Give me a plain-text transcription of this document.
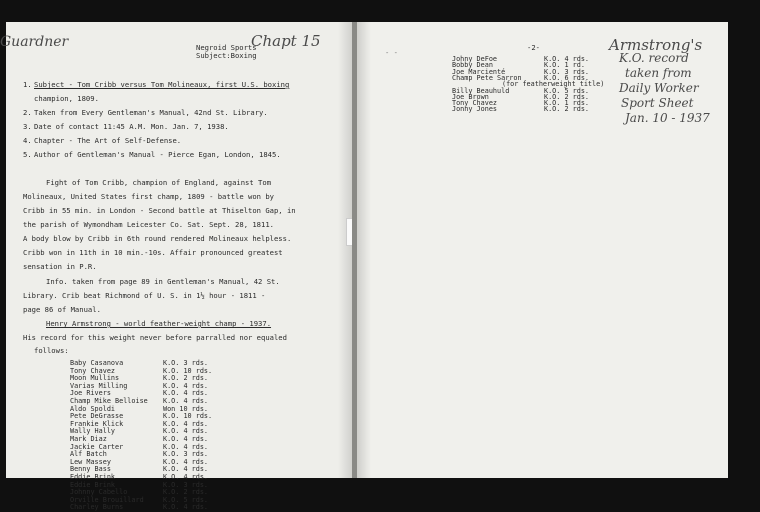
Guardner	Negroid Sports
Subject:Boxing
Chapt 15
1. Subject - Tom Cribb versus Tom Molineaux, first U.S. boxing
champion, 1809.
2. Taken from Every Gentleman's Manual, 42nd St. Library.
3. Date of contact 11:45 A.M. Mon. Jan. 7, 1938.
4. Chapter - The Art of Self-Defense.
5. Author of Gentleman's Manual - Pierce Egan, London, 1845.
Fight of Tom Cribb, champion of England, against Tom
Molineaux, United States first champ, 1809 - battle won by
Cribb in 55 min. in London - Second battle at Thiselton Gap, in
the parish of Wymondham Leicester Co. Sat. Sept. 28, 1811.
A body blow by Cribb in 6th round rendered Molineaux helpless.
Cribb won in 11th in 10 min.-10s. Affair pronounced greatest
sensation in P.R.
Info. taken from page 89 in Gentleman's Manual, 42 St.
Library. Crib beat Richmond of U. S. in 1½ hour - 1811 -
page 86 of Manual.
Henry Armstrong - world feather-weight champ - 1937.
His record for this weight never before parralled nor equaled
follows:
Baby Casanova	K.O. 3 rds.
Tony Chavez	K.O. 10 rds.
Moon Mullins	K.O. 2 rds.
Varias Milling	K.O. 4 rds.
Joe Rivers	K.O. 4 rds.
Champ Mike Belloise K.O. 4 rds.
Aldo Spoldi	Won 10 rds.
Pete DeGrasse	K.O. 10 rds.
Frankie Klick	K.O. 4 rds.
Wally Hally	K.O. 4 rds.
Mark Diaz	K.O. 4 rds.
Jackie Carter	K.O. 4 rds.
Alf Batch	K.O. 3 rds.
Lew Massey	K.O. 4 rds.
Benny Bass	K.O. 4 rds.
Eddie Brink	K.O. 4 rds.
Eddie Brink	K.O. 3 rds.
Johnny Cabello	K.O. 2 rds.
Orville Brouillard	K.O. 5 rds.
Charley Burns	K.O. 4 rds.
-2-
- -
Johny DeFoe	K.O. 4 rds.
Bobby Dean	K.O. 1 rd.
Joe Marcienté	K.O. 3 rds.
Champ Pete Sarron	K.O. 6 rds.
(for featherweight title)
Billy Beauhuld	K.O. 5 rds.
Joe Brown	K.O. 2 rds.
Tony Chavez	K.O. 1 rds.
Jonny Jones	K.O. 2 rds.
Armstrong's
K.O. record
taken from
Daily Worker
Sport Sheet
Jan. 10 - 1937
